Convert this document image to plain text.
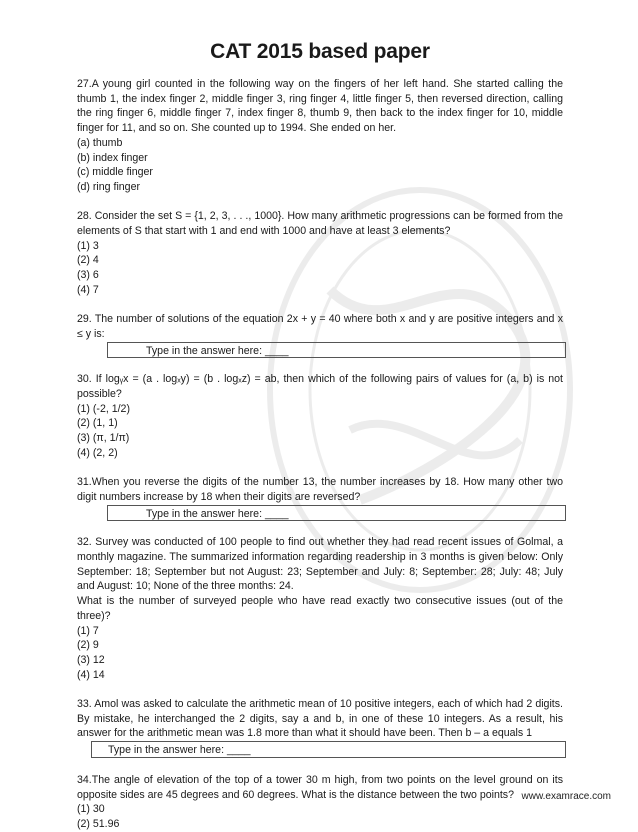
CAT 2015 based paper

27.A young girl counted in the following way on the fingers of her left hand. She started calling the thumb 1, the index finger 2, middle finger 3, ring finger 4, little finger 5, then reversed direction, calling the ring finger 6, middle finger 7, index finger 8, thumb 9, then back to the index finger for 10, middle finger for 11, and so on. She counted up to 1994. She ended on her.

(a) thumb

(b) index finger

(c) middle finger

(d) ring finger

28. Consider the set S = {1, 2, 3, . . ., 1000}. How many arithmetic progressions can be formed from the elements of S that start with 1 and end with 1000 and have at least 3 elements?

(1) 3

(2) 4

(3) 6

(4) 7

29. The number of solutions of the equation 2x + y = 40 where both x and y are positive integers and x ≤ y is:

Type in the answer here: ____

30. If logᵧx = (a . logₓy) = (b . logₓz) = ab, then which of the following pairs of values for (a, b) is not possible?

(1) (-2, 1/2)

(2) (1, 1)

(3) (π, 1/π)

(4) (2, 2)

31.When you reverse the digits of the number 13, the number increases by 18. How many other two digit numbers increase by 18 when their digits are reversed?

Type in the answer here: ____

32. Survey was conducted of 100 people to find out whether they had read recent issues of Golmal, a monthly magazine. The summarized information regarding readership in 3 months is given below: Only September: 18; September but not August: 23; September and July: 8; September: 28; July: 48; July and August: 10; None of the three months: 24.

What is the number of surveyed people who have read exactly two consecutive issues (out of the three)?

(1) 7

(2) 9

(3) 12

(4) 14

33. Amol was asked to calculate the arithmetic mean of 10 positive integers, each of which had 2 digits. By mistake, he interchanged the 2 digits, say a and b, in one of these 10 integers. As a result, his answer for the arithmetic mean was 1.8 more than what it should have been. Then b – a equals 1

Type in the answer here: ____

34.The angle of elevation of the top of a tower 30 m high, from two points on the level ground on its opposite sides are 45 degrees and 60 degrees. What is the distance between the two points?

(1) 30

(2) 51.96

www.examrace.com
